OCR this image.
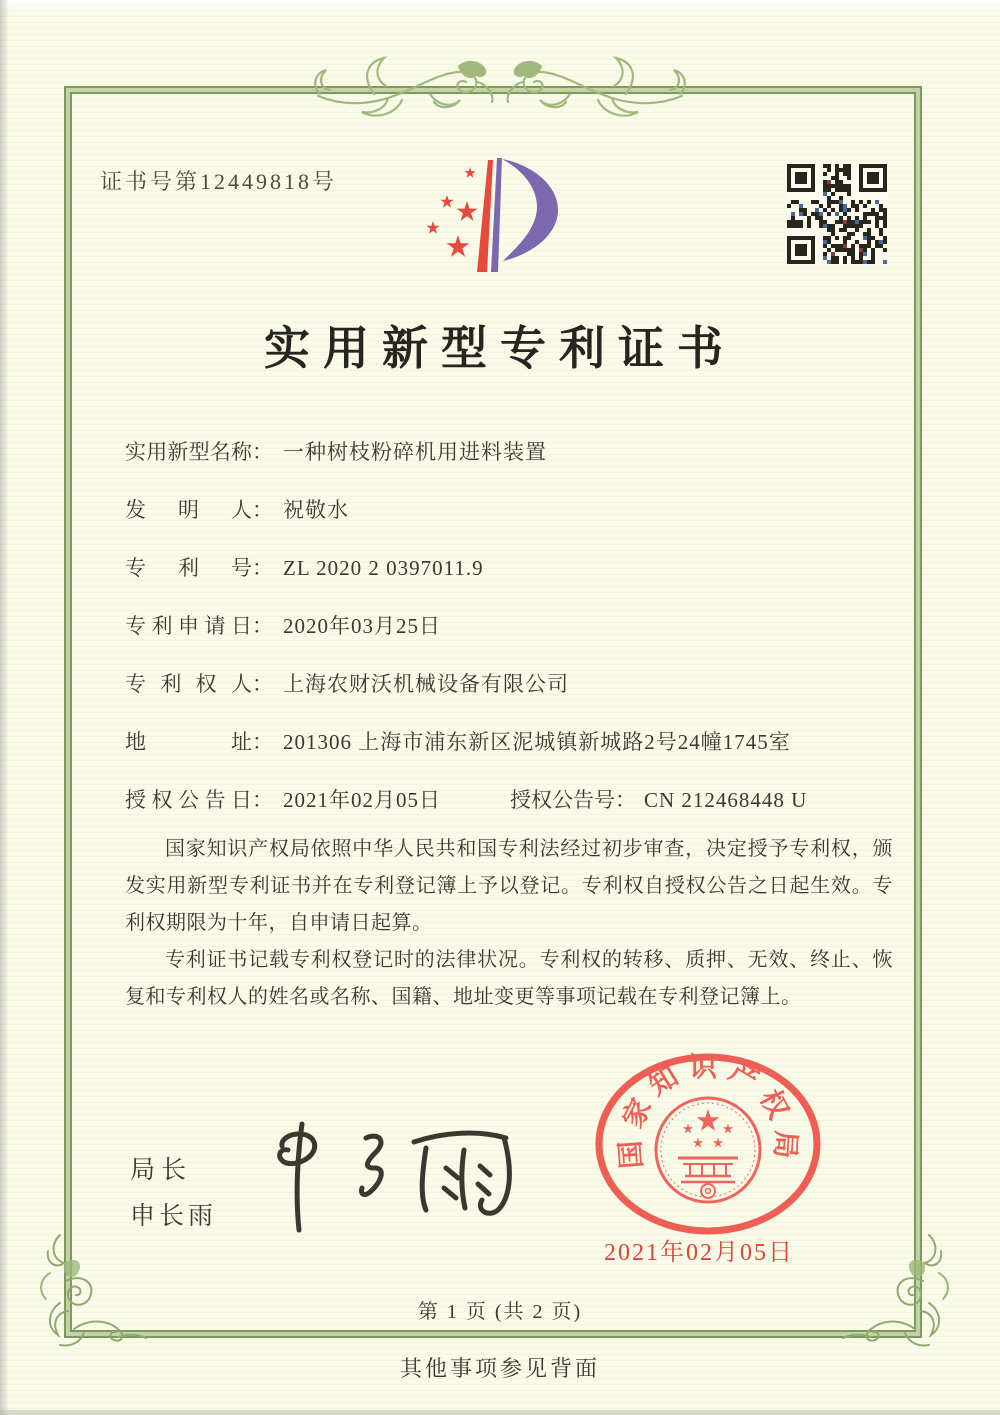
证书号第12449818号
实用新型专利证书
实用新型名称： 一种树枝粉碎机用进料装置
发明人： 祝敬水
专利号： ZL 2020 2 0397011.9
专利申请日： 2020年03月25日
专利权人： 上海农财沃机械设备有限公司
地址： 201306 上海市浦东新区泥城镇新城路2号24幢1745室
授权公告日： 2021年02月05日	授权公告号： CN 212468448 U

国家知识产权局依照中华人民共和国专利法经过初步审查，决定授予专利权，颁发实用新型专利证书并在专利登记簿上予以登记。专利权自授权公告之日起生效。专利权期限为十年，自申请日起算。

专利证书记载专利权登记时的法律状况。专利权的转移、质押、无效、终止、恢复和专利权人的姓名或名称、国籍、地址变更等事项记载在专利登记簿上。

局长
申长雨
国家知识产权局
2021年02月05日
第 1 页 (共 2 页)
其他事项参见背面
